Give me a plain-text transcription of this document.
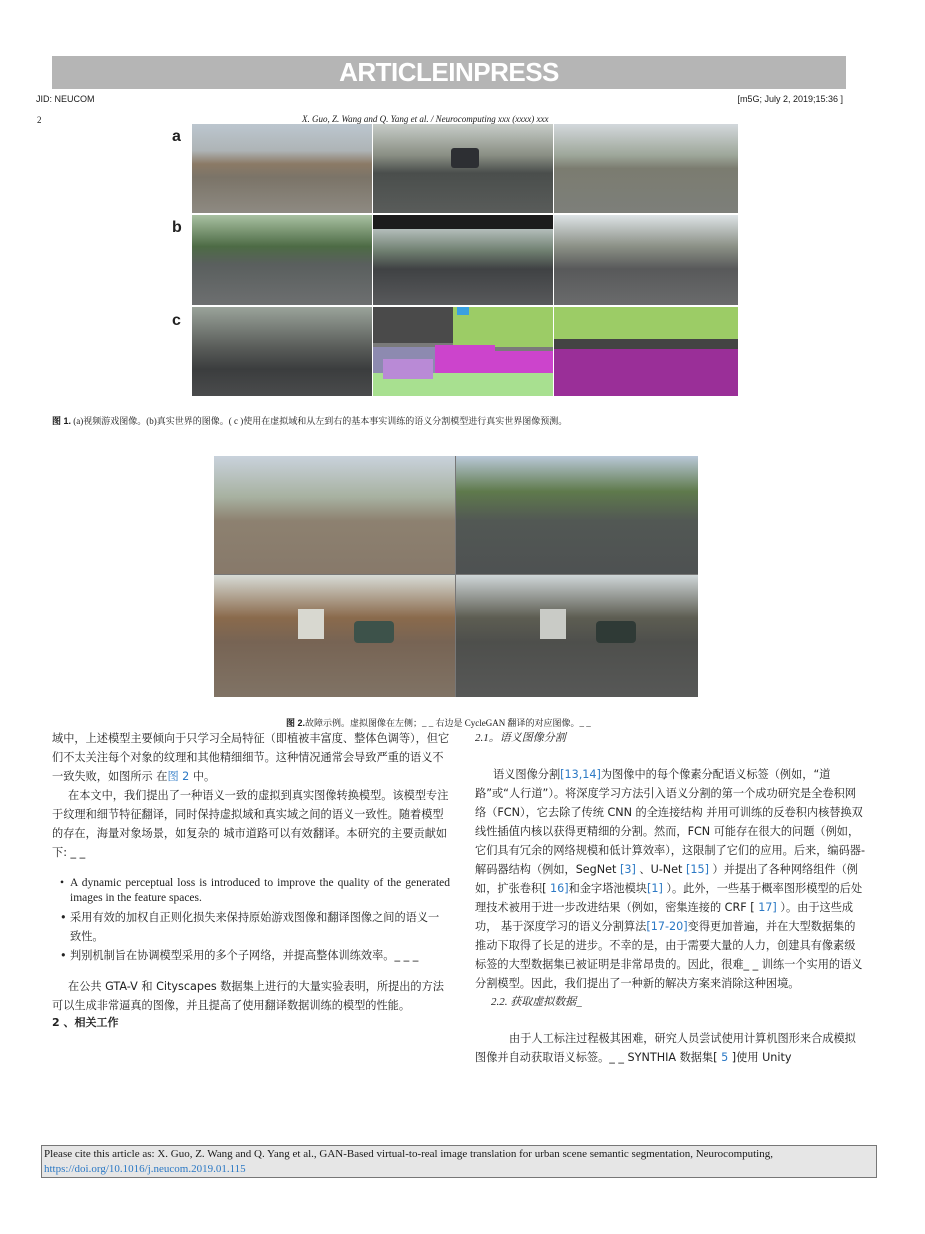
ARTICLEINPRESS
JID: NEUCOM	[m5G; July 2, 2019;15:36 ]
2	X. Guo, Z. Wang and Q. Yang et al. / Neurocomputing xxx (xxxx) xxx
a
b
c
图 1. (a)视频游戏图像。(b)真实世界的图像。( c )使用在虚拟域和从左到右的基本事实训练的语义分割模型进行真实世界图像预测。
图 2.故障示例。虚拟图像在左侧；_ _ 右边是 CycleGAN 翻译的对应图像。_ _

域中，上述模型主要倾向于只学习全局特征（即植被丰富度、整体色调等），但它们不太关注每个对象的纹理和其他精细细节。这种情况通常会导致严重的语义不一致失败，如图所示 在图 2 中。

在本文中，我们提出了一种语义一致的虚拟到真实图像转换模型。该模型专注于纹理和细节特征翻译，同时保持虚拟域和真实域之间的语义一致性。随着模型的存在，海量对象场景，如复杂的 城市道路可以有效翻译。本研究的主要贡献如下: _ _

• A dynamic perceptual loss is introduced to improve the quality of the generated images in the feature spaces.

• 采用有效的加权自正则化损失来保持原始游戏图像和翻译图像之间的语义一致性。

• 判别机制旨在协调模型采用的多个子网络，并提高整体训练效率。_ _ _

在公共 GTA-V 和 Cityscapes 数据集上进行的大量实验表明，所提出的方法可以生成非常逼真的图像，并且提高了使用翻译数据训练的模型的性能。

2 、相关工作

2.1。语义图像分割

语义图像分割[13,14]为图像中的每个像素分配语义标签（例如，“道路”或“人行道”）。将深度学习方法引入语义分割的第一个成功研究是全卷积网络（FCN），它去除了传统 CNN 的全连接结构 并用可训练的反卷积内核替换双线性插值内核以获得更精细的分割。然而，FCN 可能存在很大的问题（例如，它们具有冗余的网络规模和低计算效率），这限制了它们的应用。后来，编码器-解码器结构（例如，SegNet [3] 、U-Net [15] ）并提出了各种网络组件（例如，扩张卷积[ 16]和金字塔池模块[1] ）。此外，一些基于概率图形模型的后处理技术被用于进一步改进结果（例如，密集连接的 CRF [ 17] ）。由于这些成功， 基于深度学习的语义分割算法[17-20]变得更加普遍，并在大型数据集的推动下取得了长足的进步。不幸的是，由于需要大量的人力，创建具有像素级标签的大型数据集已被证明是非常昂贵的。因此，很难_ _ 训练一个实用的语义分割模型。因此，我们提出了一种新的解决方案来消除这种困境。

2.2. 获取虚拟数据_

由于人工标注过程极其困难，研究人员尝试使用计算机图形来合成模拟图像并自动获取语义标签。_ _ SYNTHIA 数据集[ 5 ]使用 Unity

Please cite this article as: X. Guo, Z. Wang and Q. Yang et al., GAN-Based virtual-to-real image translation for urban scene semantic segmentation, Neurocomputing,
https://doi.org/10.1016/j.neucom.2019.01.115
